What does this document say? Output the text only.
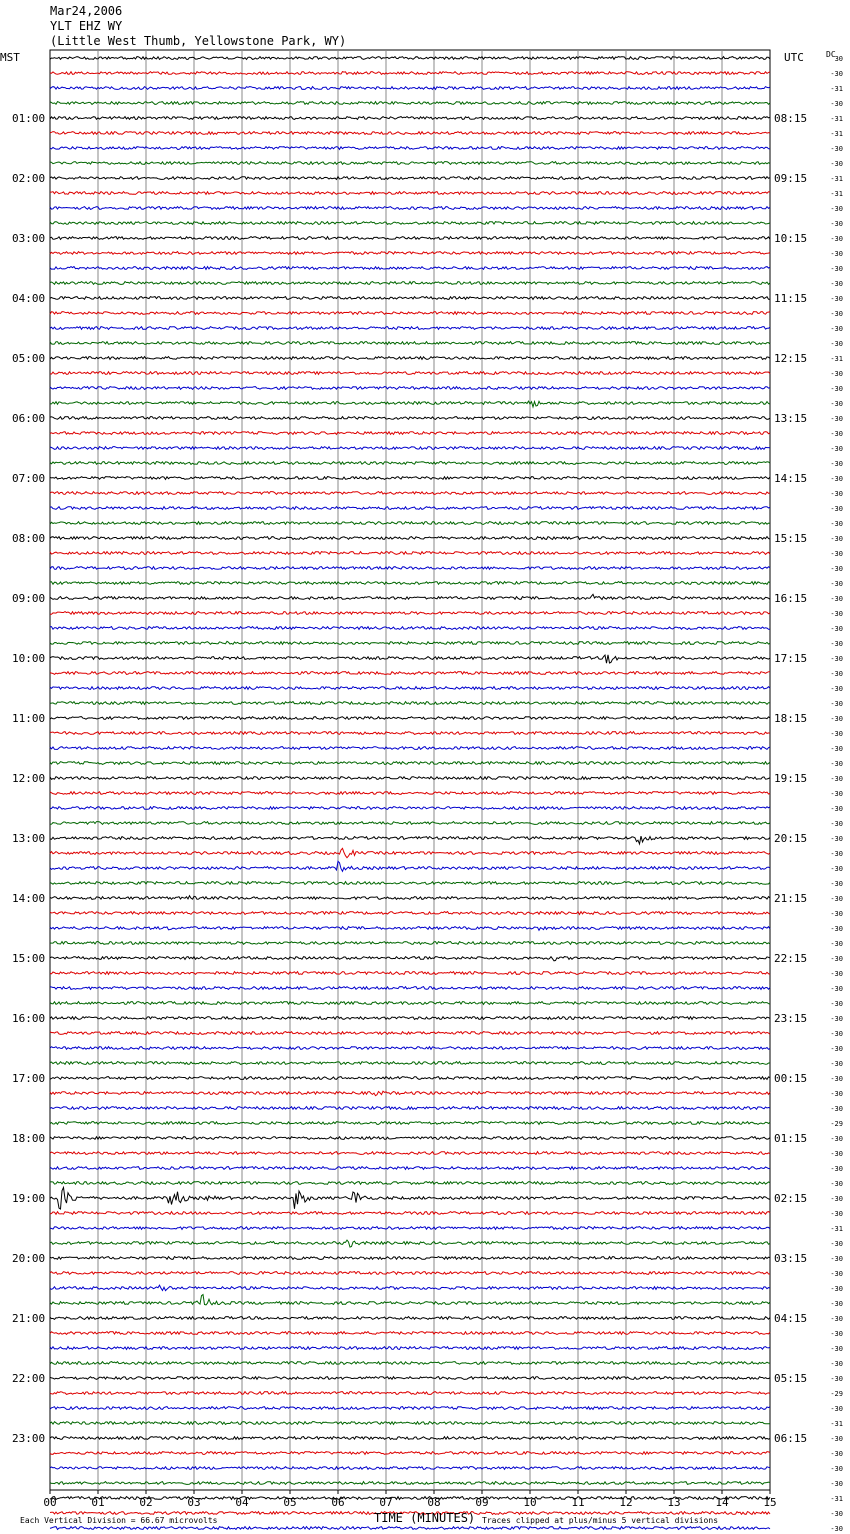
Mar24,2006
YLT EHZ WY
(Little West Thumb, Yellowstone Park, WY)
00	01	02	03	04	05	06	07	08	09	10	11	12	13	14	15
01:00
02:00
03:00
04:00
05:00
06:00
07:00
08:00
09:00
10:00
11:00
12:00
13:00
14:00
15:00
16:00
17:00
18:00
19:00
20:00
21:00
22:00
23:00
08:15
09:15
10:15
11:15
12:15
13:15
14:15
15:15
16:15
17:15
18:15
19:15
20:15
21:15
22:15
23:15
00:15
01:15
02:15
03:15
04:15
05:15
06:15
30
-30
-31
-30
-31
-31
-30
-30
-31
-31
-30
-30
-30
-30
-30
-30
-30
-30
-30
-30
-31
-30
-30
-30
-30
-30
-30
-30
-30
-30
-30
-30
-30
-30
-30
-30
-30
-30
-30
-30
-30
-30
-30
-30
-30
-30
-30
-30
-30
-30
-30
-30
-30
-30
-30
-30
-30
-30
-30
-30
-30
-30
-30
-30
-30
-30
-30
-30
-30
-30
-30
-29
-30
-30
-30
-30
-30
-30
-31
-30
-30
-30
-30
-30
-30
-30
-30
-30
-30
-29
-30
-31
-30
-30
-30
-30
-31
-30
-30
MST	UTC	DC
Each Vertical Division = 66.67 microvolts	TIME (MINUTES) Traces clipped at plus/minus 5 vertical divisions
